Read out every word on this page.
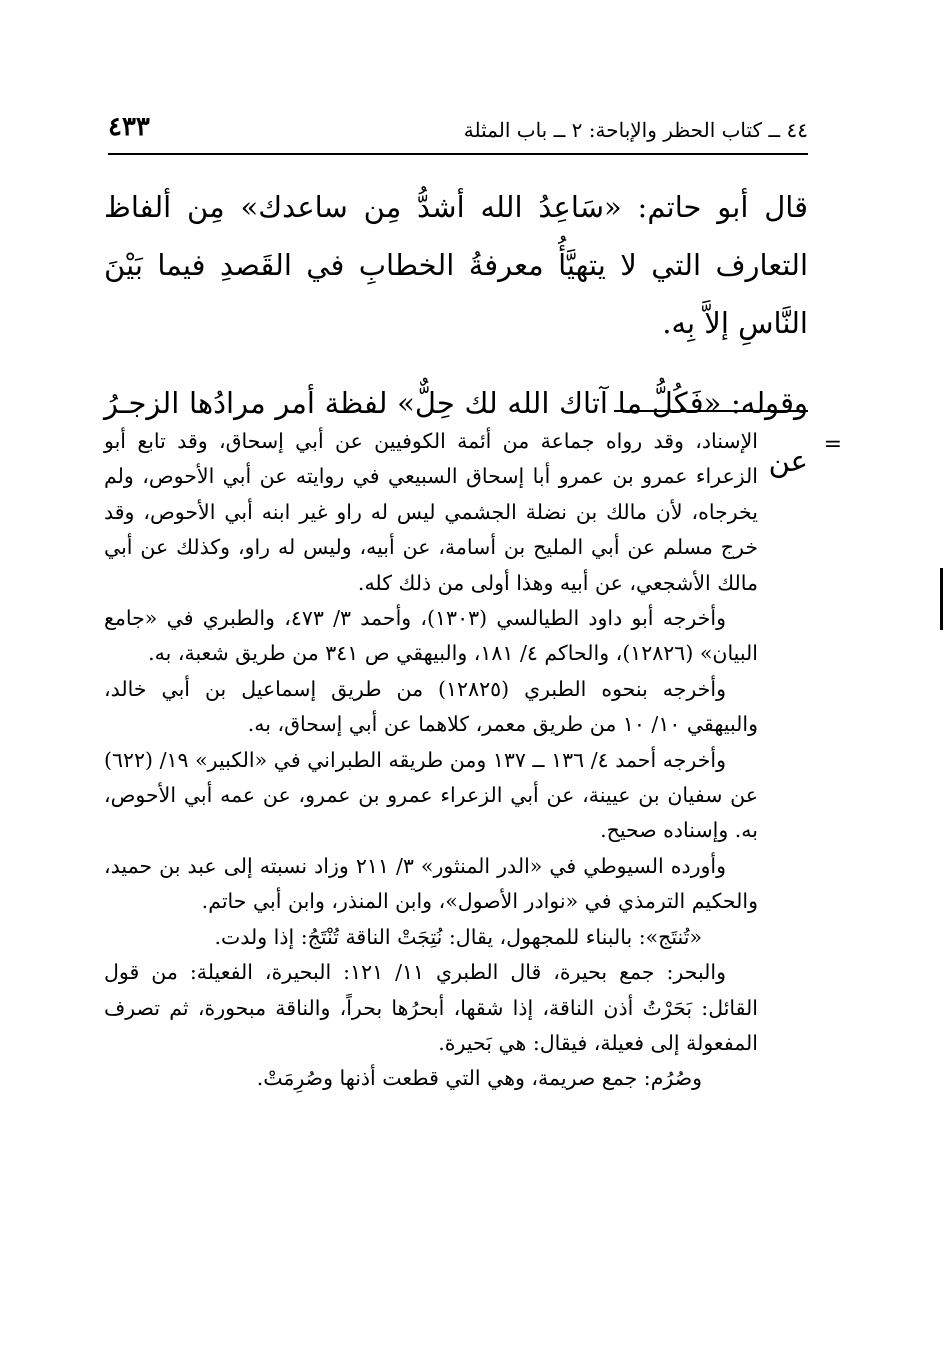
٤٤ ــ كتاب الحظر والإباحة: ٢ ــ باب المثلة
٤٣٣

قال أبو حاتم: «سَاعِدُ الله أشدُّ مِن ساعدك» مِن ألفاظ التعارف التي لا يتهيَّأُ معرفةُ الخطابِ في القَصدِ فيما بَيْنَ النَّاسِ إلاَّ بِه.

وقوله: «فَكُلُّ ما آتاك الله لك حِلٌّ» لفظة أمر مرادُها الزجـرُ عن =

الإسناد، وقد رواه جماعة من أئمة الكوفيين عن أبي إسحاق، وقد تابع أبو الزعراء عمرو بن عمرو أبا إسحاق السبيعي في روايته عن أبي الأحوص، ولم يخرجاه، لأن مالك بن نضلة الجشمي ليس له راو غير ابنه أبي الأحوص، وقد خرج مسلم عن أبي المليح بن أسامة، عن أبيه، وليس له راو، وكذلك عن أبي مالك الأشجعي، عن أبيه وهذا أولى من ذلك كله.

وأخرجه أبو داود الطيالسي (١٣٠٣)، وأحمد ٣/ ٤٧٣، والطبري في «جامع البيان» (١٢٨٢٦)، والحاكم ٤/ ١٨١، والبيهقي ص ٣٤١ من طريق شعبة، به.

وأخرجه بنحوه الطبري (١٢٨٢٥) من طريق إسماعيل بن أبي خالد، والبيهقي ١٠/ ١٠ من طريق معمر، كلاهما عن أبي إسحاق، به.

وأخرجه أحمد ٤/ ١٣٦ ــ ١٣٧ ومن طريقه الطبراني في «الكبير» ١٩/ (٦٢٢) عن سفيان بن عيينة، عن أبي الزعراء عمرو بن عمرو، عن عمه أبي الأحوص، به. وإسناده صحيح.

وأورده السيوطي في «الدر المنثور» ٣/ ٢١١ وزاد نسبته إلى عبد بن حميد، والحكيم الترمذي في «نوادر الأصول»، وابن المنذر، وابن أبي حاتم.

«تُنتَج»: بالبناء للمجهول، يقال: نُتِجَتْ الناقة تُنْتَجُ: إذا ولدت.

والبحر: جمع بحيرة، قال الطبري ١١/ ١٢١: البحيرة، الفعيلة: من قول القائل: بَحَرْتُ أذن الناقة، إذا شقها، أبحرُها بحراً، والناقة مبحورة، ثم تصرف المفعولة إلى فعيلة، فيقال: هي بَحيرة.

وصُرُم: جمع صريمة، وهي التي قطعت أذنها وصُرِمَتْ.
